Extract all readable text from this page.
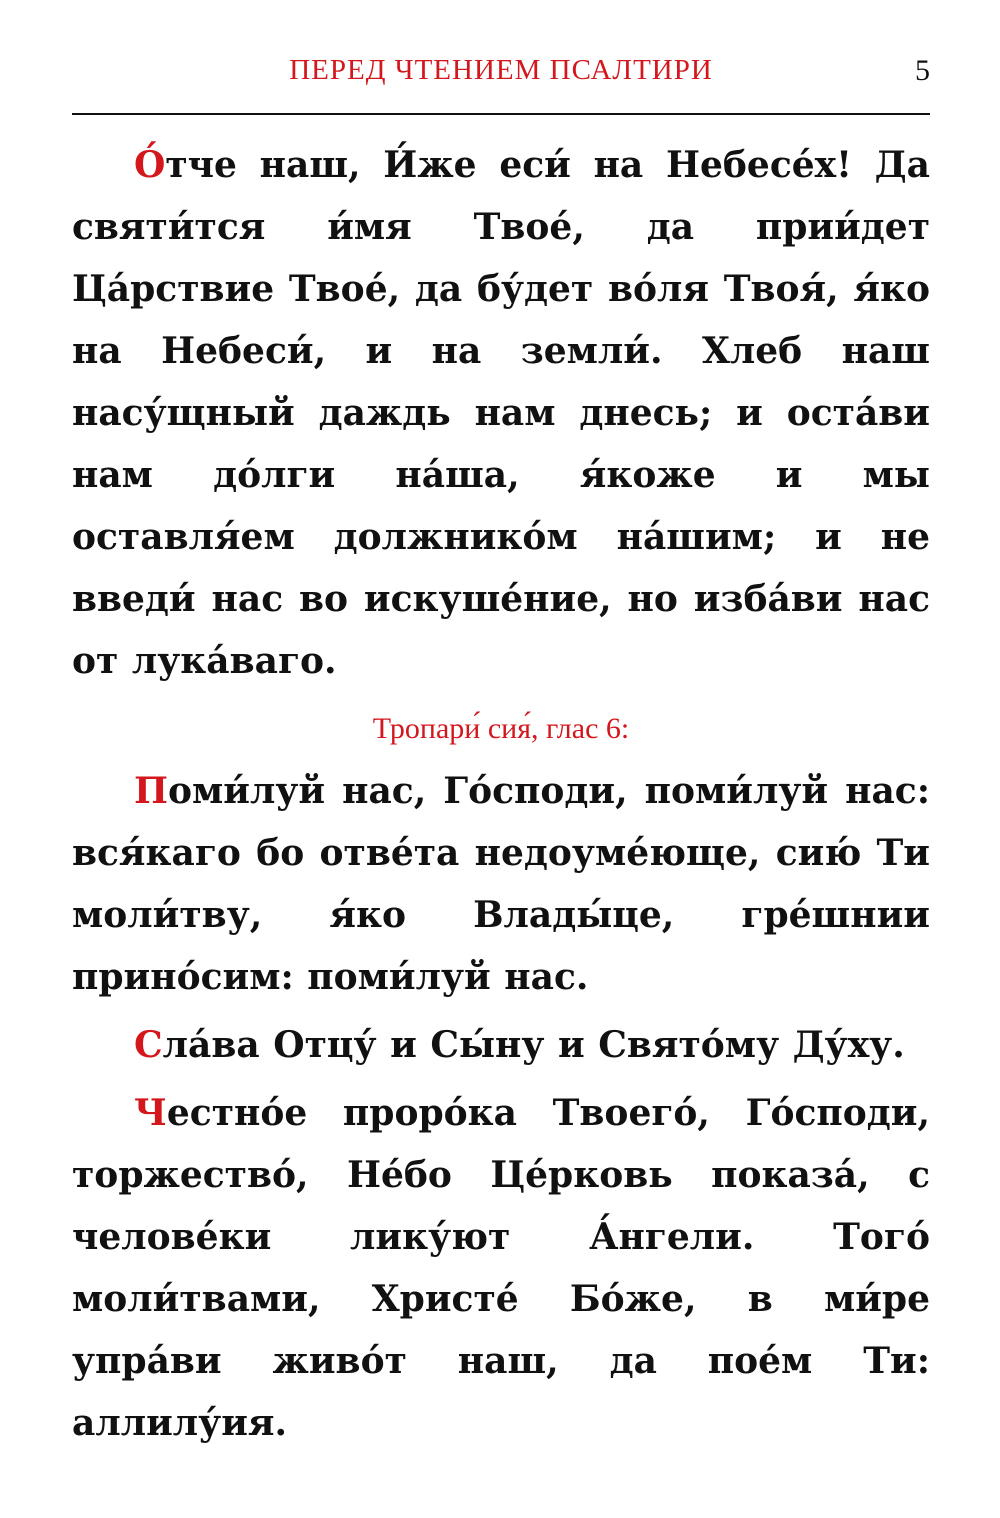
ПЕРЕД ЧТЕНИЕМ ПСАЛТИРИ	5

О́тче наш, И́же еси́ на Небесе́х! Да святи́тся и́мя Твое́, да прии́дет Ца́рствие Твое́, да бу́дет во́ля Твоя́, я́ко на Небеси́, и на земли́. Хлеб наш насу́щный даждь нам днесь; и оста́ви нам до́лги на́ша, я́коже и мы оставля́ем должнико́м на́шим; и не введи́ нас во искуше́ние, но изба́ви нас от лука́ваго.

Тропари́ сия́, глас 6:

Поми́луй нас, Го́споди, поми́луй нас: вся́каго бо отве́та недоуме́юще, сию́ Ти моли́тву, я́ко Влады́це, гре́шнии прино́сим: поми́луй нас.

Сла́ва Отцу́ и Сы́ну и Свято́му Ду́ху.

Честно́е проро́ка Твоего́, Го́споди, торжество́, Не́бо Це́рковь показа́, с челове́ки лику́ют А́нгели. Того́ моли́твами, Христе́ Бо́же, в ми́ре упра́ви живо́т наш, да пое́м Ти: аллилу́ия.
